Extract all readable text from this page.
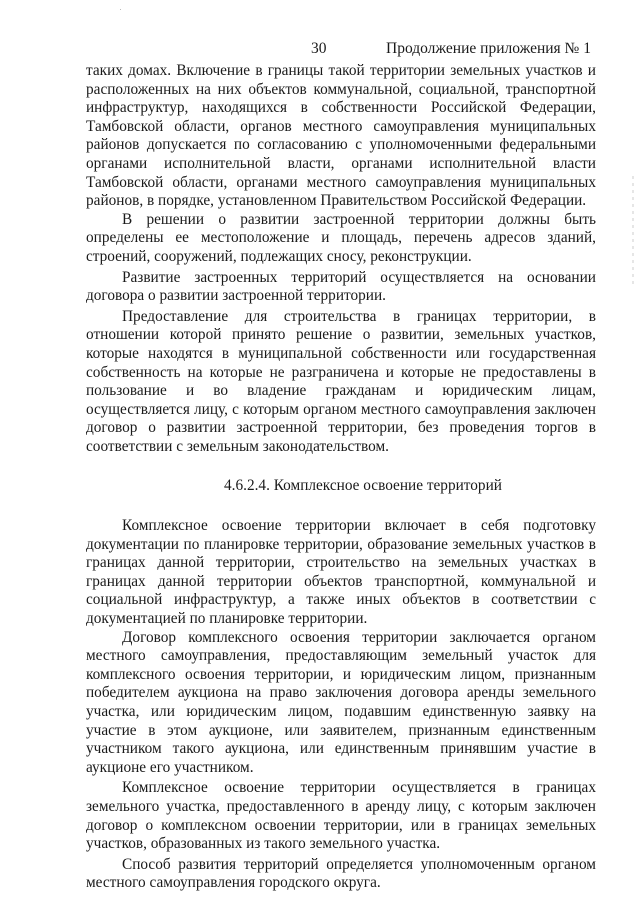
30	Продолжение приложения № 1

таких домах. Включение в границы такой территории земельных участков и расположенных на них объектов коммунальной, социальной, транспортной инфраструктур, находящихся в собственности Российской Федерации, Тамбовской области, органов местного самоуправления муниципальных районов допускается по согласованию с уполномоченными федеральными органами исполнительной власти, органами исполнительной власти Тамбовской области, органами местного самоуправления муниципальных районов, в порядке, установленном Правительством Российской Федерации.

В решении о развитии застроенной территории должны быть определены ее местоположение и площадь, перечень адресов зданий, строений, сооружений, подлежащих сносу, реконструкции.

Развитие застроенных территорий осуществляется на основании договора о развитии застроенной территории.

Предоставление для строительства в границах территории, в отношении которой принято решение о развитии, земельных участков, которые находятся в муниципальной собственности или государственная собственность на которые не разграничена и которые не предоставлены в пользование и во владение гражданам и юридическим лицам, осуществляется лицу, с которым органом местного самоуправления заключен договор о развитии застроенной территории, без проведения торгов в соответствии с земельным законодательством.

4.6.2.4. Комплексное освоение территорий

Комплексное освоение территории включает в себя подготовку документации по планировке территории, образование земельных участков в границах данной территории, строительство на земельных участках в границах данной территории объектов транспортной, коммунальной и социальной инфраструктур, а также иных объектов в соответствии с документацией по планировке территории.

Договор комплексного освоения территории заключается органом местного самоуправления, предоставляющим земельный участок для комплексного освоения территории, и юридическим лицом, признанным победителем аукциона на право заключения договора аренды земельного участка, или юридическим лицом, подавшим единственную заявку на участие в этом аукционе, или заявителем, признанным единственным участником такого аукциона, или единственным принявшим участие в аукционе его участником.

Комплексное освоение территории осуществляется в границах земельного участка, предоставленного в аренду лицу, с которым заключен договор о комплексном освоении территории, или в границах земельных участков, образованных из такого земельного участка.

Способ развития территорий определяется уполномоченным органом местного самоуправления городского округа.
